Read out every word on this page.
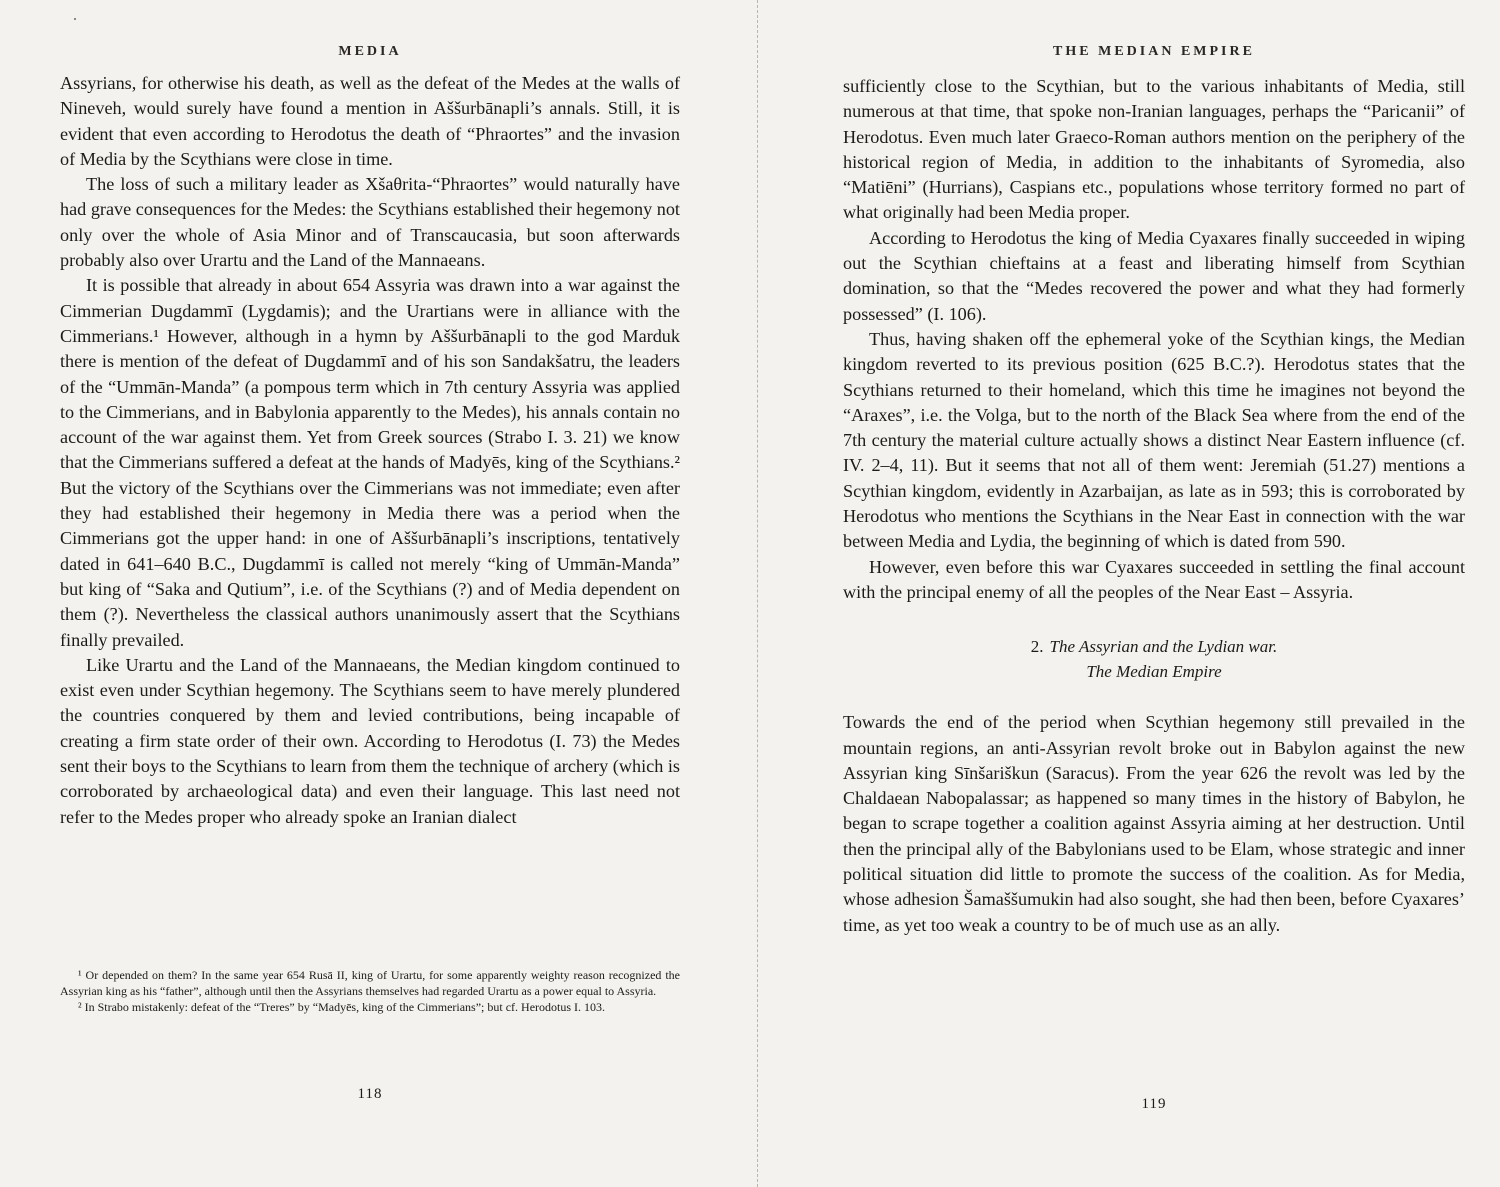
MEDIA

Assyrians, for otherwise his death, as well as the defeat of the Medes at the walls of Nineveh, would surely have found a mention in Aššurbānapli’s annals. Still, it is evident that even according to Herodotus the death of “Phraortes” and the invasion of Media by the Scythians were close in time.

The loss of such a military leader as Xšaθrita-“Phraortes” would naturally have had grave consequences for the Medes: the Scythians established their hegemony not only over the whole of Asia Minor and of Transcaucasia, but soon afterwards probably also over Urartu and the Land of the Mannaeans.

It is possible that already in about 654 Assyria was drawn into a war against the Cimmerian Dugdammī (Lygdamis); and the Urartians were in alliance with the Cimmerians.¹ However, although in a hymn by Aššurbānapli to the god Marduk there is mention of the defeat of Dugdammī and of his son Sandakšatru, the leaders of the “Ummān-Manda” (a pompous term which in 7th century Assyria was applied to the Cimmerians, and in Babylonia apparently to the Medes), his annals contain no account of the war against them. Yet from Greek sources (Strabo I. 3. 21) we know that the Cimmerians suffered a defeat at the hands of Madyēs, king of the Scythians.² But the victory of the Scythians over the Cimmerians was not immediate; even after they had established their hegemony in Media there was a period when the Cimmerians got the upper hand: in one of Aššurbānapli’s inscriptions, tentatively dated in 641–640 B.C., Dugdammī is called not merely “king of Ummān-Manda” but king of “Saka and Qutium”, i.e. of the Scythians (?) and of Media dependent on them (?). Nevertheless the classical authors unanimously assert that the Scythians finally prevailed.

Like Urartu and the Land of the Mannaeans, the Median kingdom continued to exist even under Scythian hegemony. The Scythians seem to have merely plundered the countries conquered by them and levied contributions, being incapable of creating a firm state order of their own. According to Herodotus (I. 73) the Medes sent their boys to the Scythians to learn from them the technique of archery (which is corroborated by archaeological data) and even their language. This last need not refer to the Medes proper who already spoke an Iranian dialect

¹ Or depended on them? In the same year 654 Rusā II, king of Urartu, for some apparently weighty reason recognized the Assyrian king as his “father”, although until then the Assyrians themselves had regarded Urartu as a power equal to Assyria.

² In Strabo mistakenly: defeat of the “Treres” by “Madyēs, king of the Cimmerians”; but cf. Herodotus I. 103.

118
THE MEDIAN EMPIRE

sufficiently close to the Scythian, but to the various inhabitants of Media, still numerous at that time, that spoke non-Iranian languages, perhaps the “Paricanii” of Herodotus. Even much later Graeco-Roman authors mention on the periphery of the historical region of Media, in addition to the inhabitants of Syromedia, also “Matiēni” (Hurrians), Caspians etc., populations whose territory formed no part of what originally had been Media proper.

According to Herodotus the king of Media Cyaxares finally succeeded in wiping out the Scythian chieftains at a feast and liberating himself from Scythian domination, so that the “Medes recovered the power and what they had formerly possessed” (I. 106).

Thus, having shaken off the ephemeral yoke of the Scythian kings, the Median kingdom reverted to its previous position (625 B.C.?). Herodotus states that the Scythians returned to their homeland, which this time he imagines not beyond the “Araxes”, i.e. the Volga, but to the north of the Black Sea where from the end of the 7th century the material culture actually shows a distinct Near Eastern influence (cf. IV. 2–4, 11). But it seems that not all of them went: Jeremiah (51.27) mentions a Scythian kingdom, evidently in Azarbaijan, as late as in 593; this is corroborated by Herodotus who mentions the Scythians in the Near East in connection with the war between Media and Lydia, the beginning of which is dated from 590.

However, even before this war Cyaxares succeeded in settling the final account with the principal enemy of all the peoples of the Near East – Assyria.

2. The Assyrian and the Lydian war.
The Median Empire

Towards the end of the period when Scythian hegemony still prevailed in the mountain regions, an anti-Assyrian revolt broke out in Babylon against the new Assyrian king Sīnšariškun (Saracus). From the year 626 the revolt was led by the Chaldaean Nabopalassar; as happened so many times in the history of Babylon, he began to scrape together a coalition against Assyria aiming at her destruction. Until then the principal ally of the Babylonians used to be Elam, whose strategic and inner political situation did little to promote the success of the coalition. As for Media, whose adhesion Šamaššumukin had also sought, she had then been, before Cyaxares’ time, as yet too weak a country to be of much use as an ally.

119
